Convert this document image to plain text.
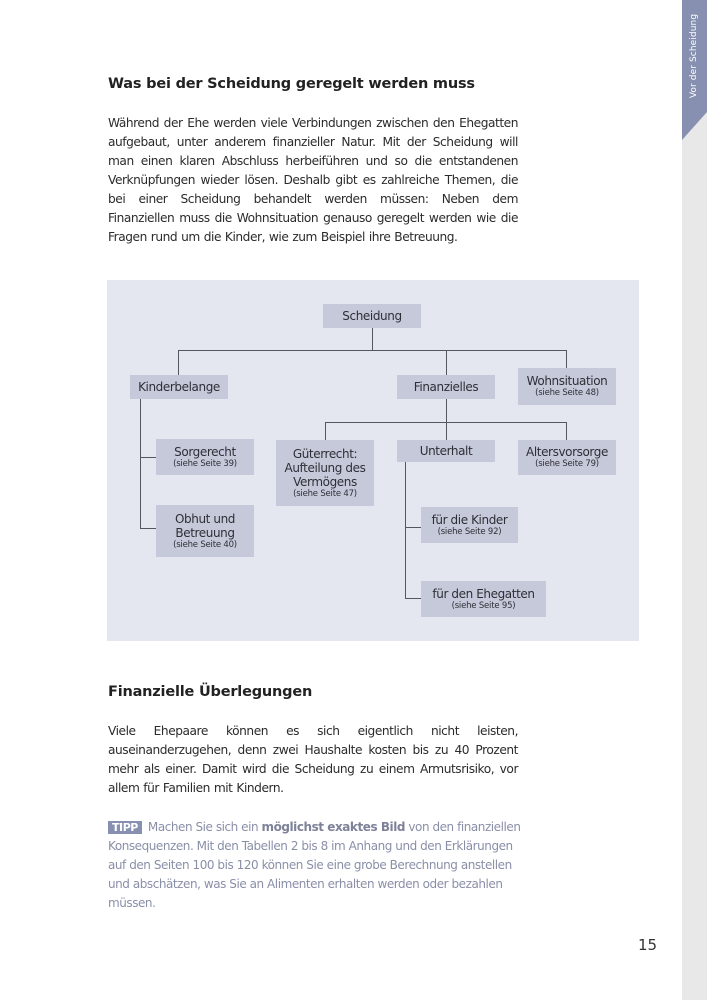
Vor der Scheidung
Was bei der Scheidung geregelt werden muss

Während der Ehe werden viele Verbindungen zwischen den Ehegatten aufgebaut, unter anderem finanzieller Natur. Mit der Scheidung will man einen klaren Abschluss herbeiführen und so die entstandenen Verknüpfungen wieder lösen. Deshalb gibt es zahlreiche Themen, die bei einer Scheidung behandelt werden müssen: Neben dem Finanziellen muss die Wohnsituation genauso geregelt werden wie die Fragen rund um die Kinder, wie zum Beispiel ihre Betreuung.

Scheidung
Kinderbelange	Finanzielles	Wohnsituation
(siehe Seite 48)
Sorgerecht
(siehe Seite 39)
Obhut und
Betreuung
(siehe Seite 40)
Güterrecht:
Aufteilung des
Vermögens
(siehe Seite 47)
Unterhalt	Altersvorsorge
(siehe Seite 79)
für die Kinder
(siehe Seite 92)
für den Ehegatten
(siehe Seite 95)
Finanzielle Überlegungen

Viele Ehepaare können es sich eigentlich nicht leisten, auseinanderzugehen, denn zwei Haushalte kosten bis zu 40 Prozent mehr als einer. Damit wird die Scheidung zu einem Armutsrisiko, vor allem für Familien mit Kindern.

TIPP Machen Sie sich ein möglichst exaktes Bild von den finanziellen Konsequenzen. Mit den Tabellen 2 bis 8 im Anhang und den Erklärungen auf den Seiten 100 bis 120 können Sie eine grobe Berechnung anstellen und abschätzen, was Sie an Alimenten erhalten werden oder bezahlen müssen.

15
